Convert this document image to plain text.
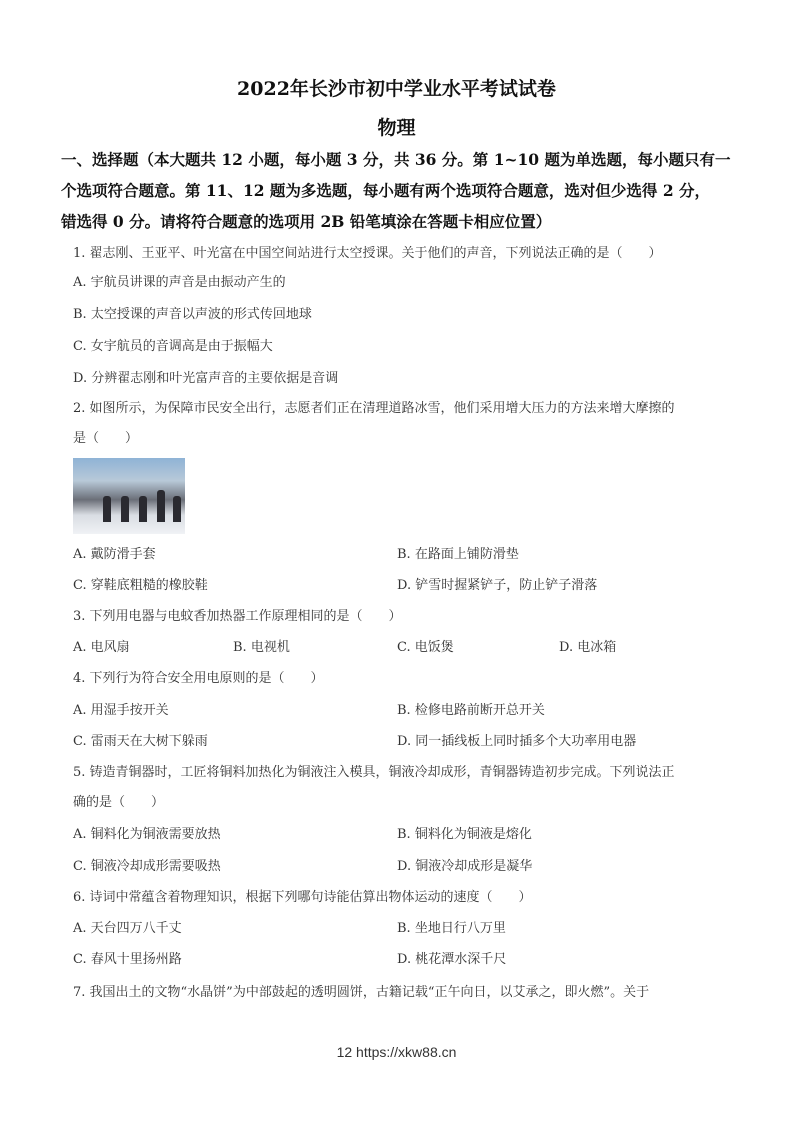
2022年长沙市初中学业水平考试试卷
物理
一、选择题（本大题共 12 小题，每小题 3 分，共 36 分。第 1~10 题为单选题，每小题只有一
个选项符合题意。第 11、12 题为多选题，每小题有两个选项符合题意，选对但少选得 2 分，
错选得 0 分。请将符合题意的选项用 2B 铅笔填涂在答题卡相应位置）
1. 翟志刚、王亚平、叶光富在中国空间站进行太空授课。关于他们的声音，下列说法正确的是（　　）
A. 宇航员讲课的声音是由振动产生的
B. 太空授课的声音以声波的形式传回地球
C. 女宇航员的音调高是由于振幅大
D. 分辨翟志刚和叶光富声音的主要依据是音调
2. 如图所示，为保障市民安全出行，志愿者们正在清理道路冰雪，他们采用增大压力的方法来增大摩擦的
是（　　）
A. 戴防滑手套	B. 在路面上铺防滑垫
C. 穿鞋底粗糙的橡胶鞋	D. 铲雪时握紧铲子，防止铲子滑落
3. 下列用电器与电蚊香加热器工作原理相同的是（　　）
A. 电风扇	B. 电视机	C. 电饭煲	D. 电冰箱
4. 下列行为符合安全用电原则的是（　　）
A. 用湿手按开关	B. 检修电路前断开总开关
C. 雷雨天在大树下躲雨	D. 同一插线板上同时插多个大功率用电器
5. 铸造青铜器时，工匠将铜料加热化为铜液注入模具，铜液冷却成形，青铜器铸造初步完成。下列说法正
确的是（　　）
A. 铜料化为铜液需要放热	B. 铜料化为铜液是熔化
C. 铜液冷却成形需要吸热	D. 铜液冷却成形是凝华
6. 诗词中常蕴含着物理知识，根据下列哪句诗能估算出物体运动的速度（　　）
A. 天台四万八千丈	B. 坐地日行八万里
C. 春风十里扬州路	D. 桃花潭水深千尺
7. 我国出土的文物“水晶饼”为中部鼓起的透明圆饼，古籍记载“正午向日，以艾承之，即火燃”。关于
12 https://xkw88.cn
